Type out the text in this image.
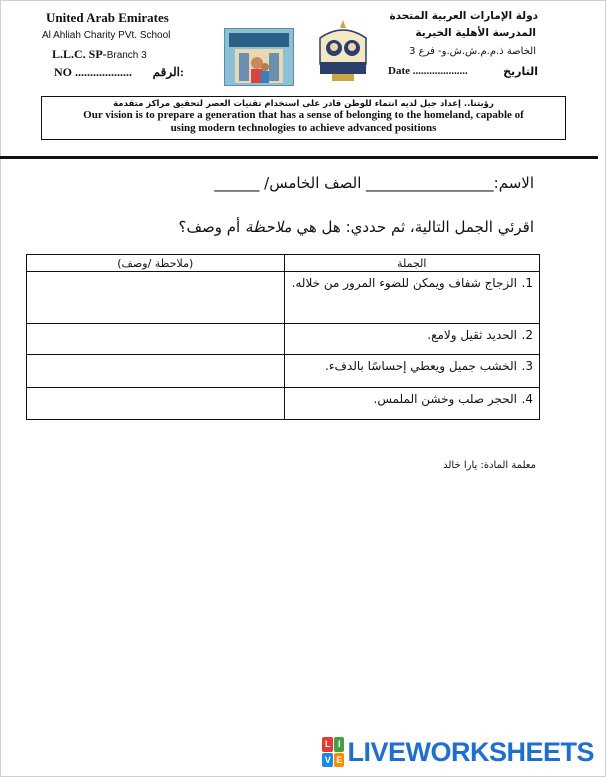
United Arab Emirates
Al Ahliah Charity PVt. School
L.L.C. SP-Branch 3
NO ................... الرقم:
دولة الإمارات العربية المتحدة
المدرسة الأهلية الخيرية
الخاصة ذ.م.م.ش.ش.و- فرع 3
Date ....................	التاريخ
رؤيتنا.. إعداد جيل لديه انتماء للوطن قادر على استخدام تقنيات العصر لتحقيق مراكز متقدمة
Our vision is to prepare a generation that has a sense of belonging to the homeland, capable of
using modern technologies to achieve advanced positions
الاسم:_________________ الصف الخامس/ ______
اقرئي الجمل التالية، ثم حددي: هل هي ملاحظة أم وصف؟
الجملة	(ملاحظة /وصف)
1.الزجاج شفاف ويمكن للضوء المرور من خلاله.	
2.الحديد ثقيل ولامع.	
3.الخشب جميل ويعطي إحساسًا بالدفء.	
4.الحجر صلب وخشن الملمس.	
معلمة المادة: يارا خالد
L I
V E LIVEWORKSHEETS
